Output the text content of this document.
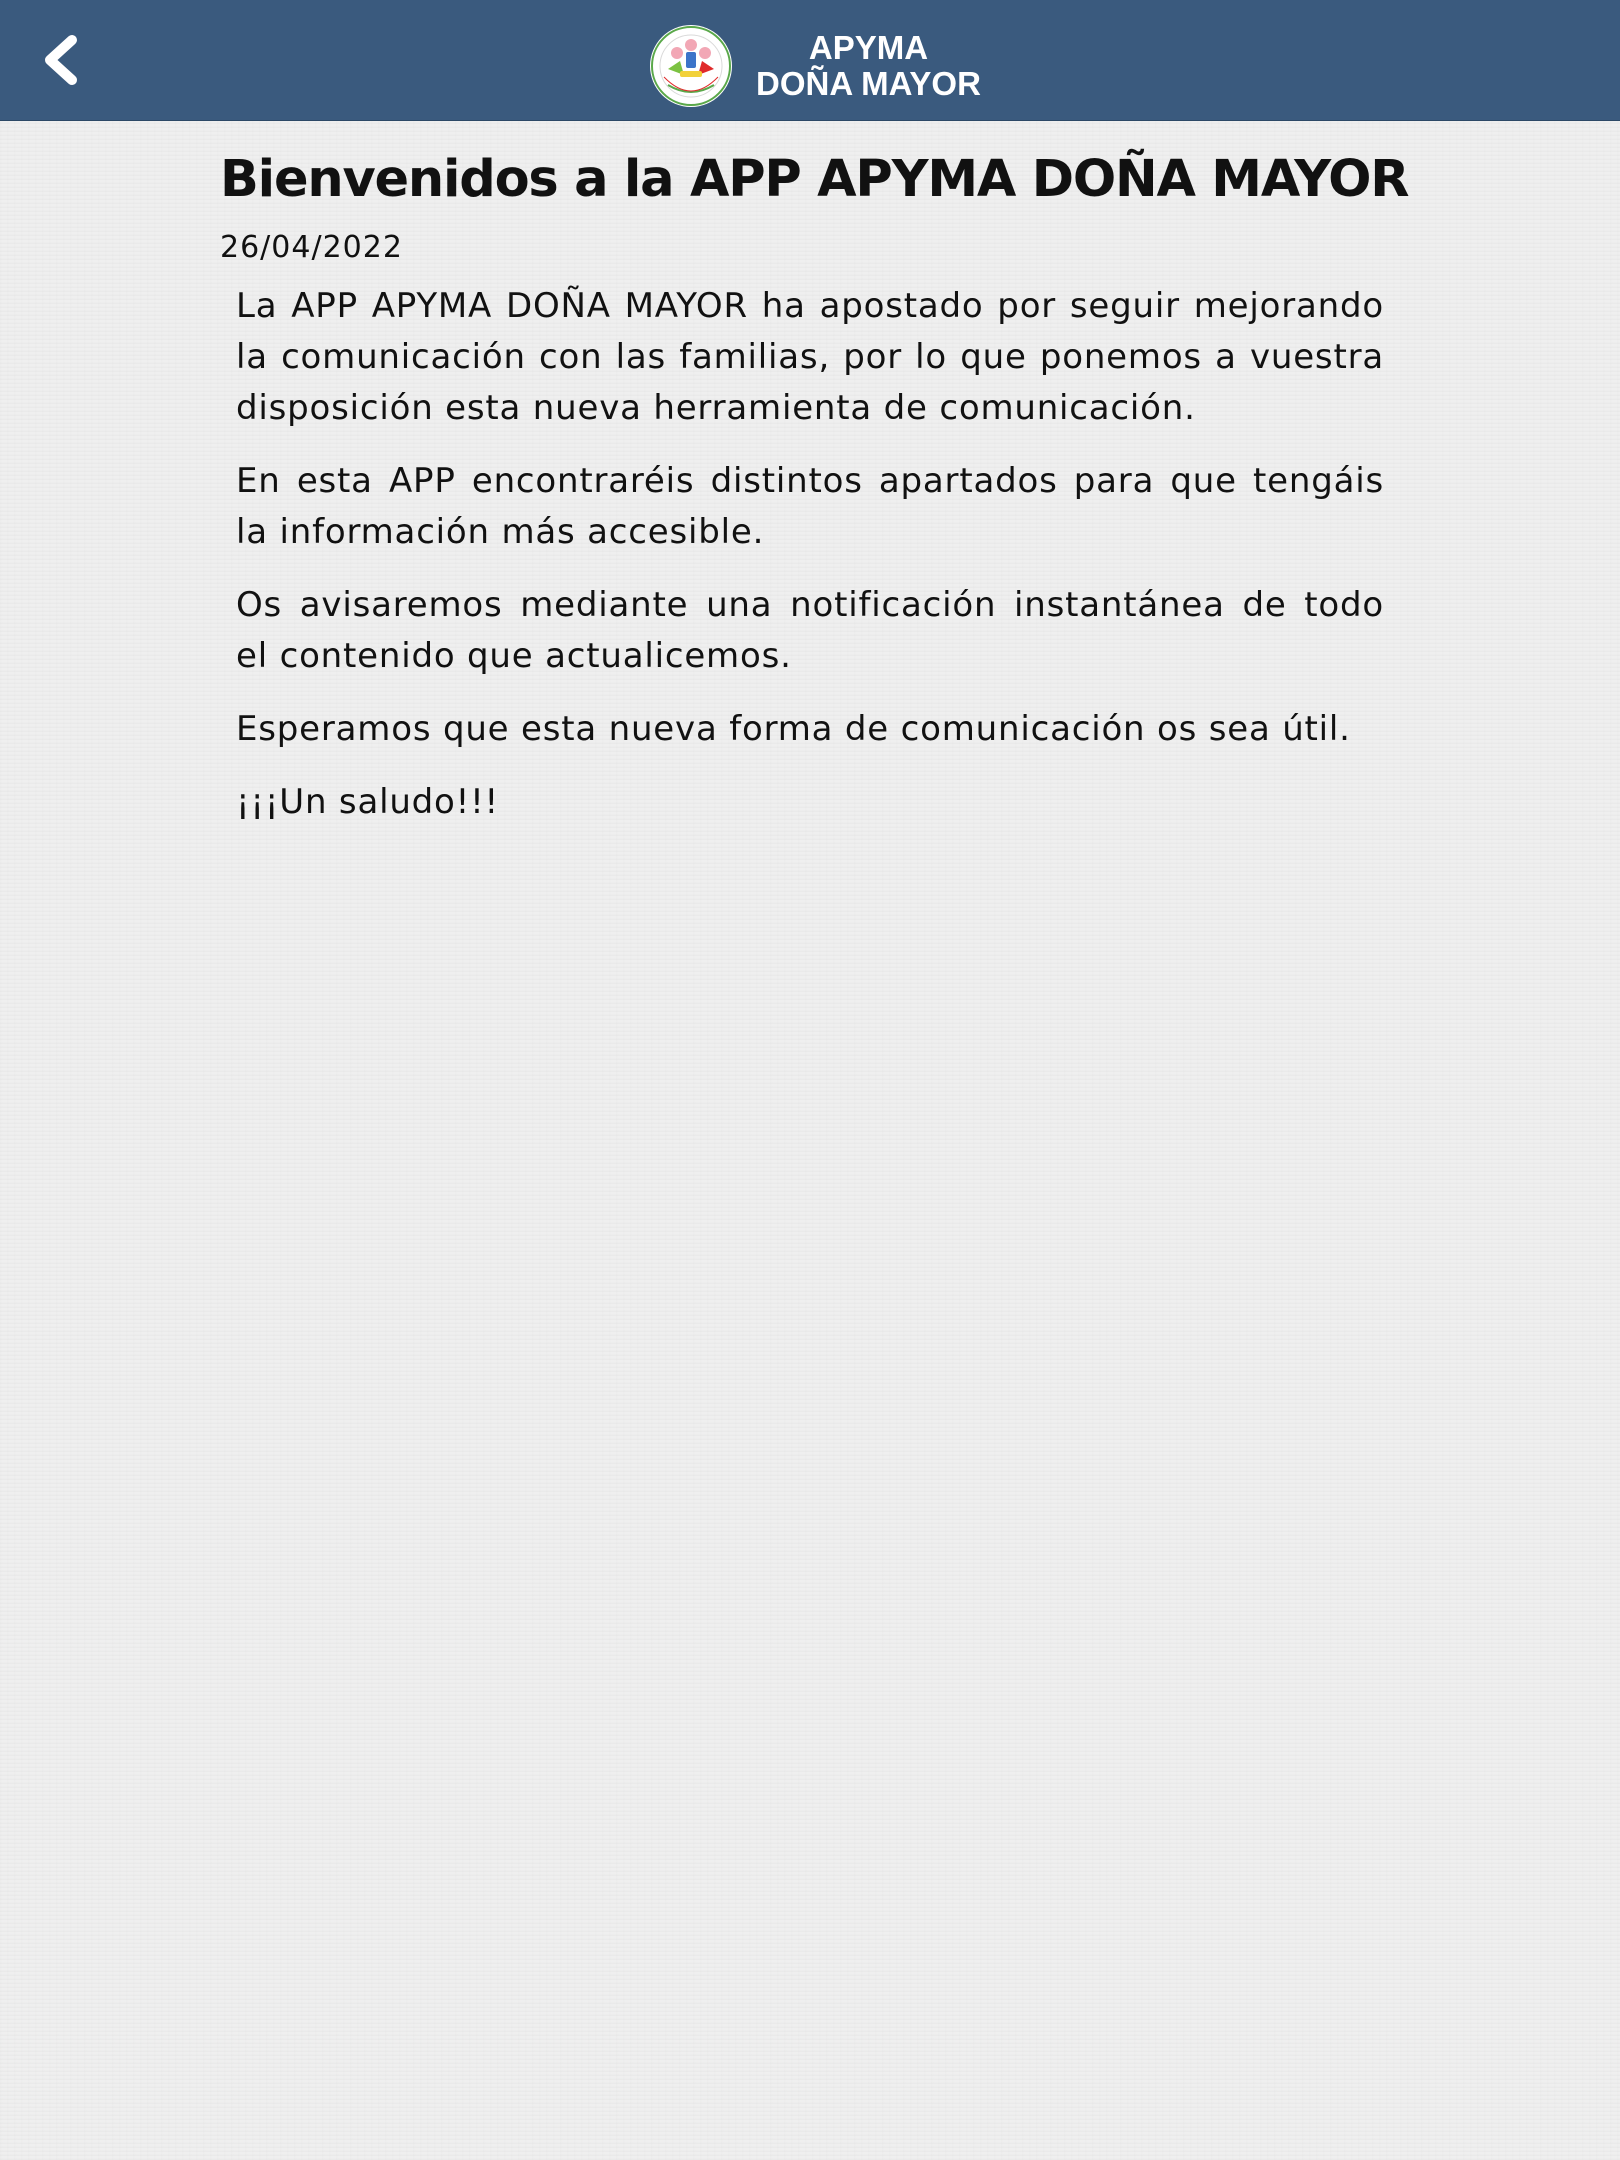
APYMA
DOÑA MAYOR
Bienvenidos a la APP APYMA DOÑA MAYOR
26/04/2022

La APP APYMA DOÑA MAYOR ha apostado por seguir mejorando la comunicación con las familias, por lo que ponemos a vuestra disposición esta nueva herramienta de comunicación.

En esta APP encontraréis distintos apartados para que tengáis la información más accesible.

Os avisaremos mediante una notificación instantánea de todo el contenido que actualicemos.

Esperamos que esta nueva forma de comunicación os sea útil.

¡¡¡Un saludo!!!
